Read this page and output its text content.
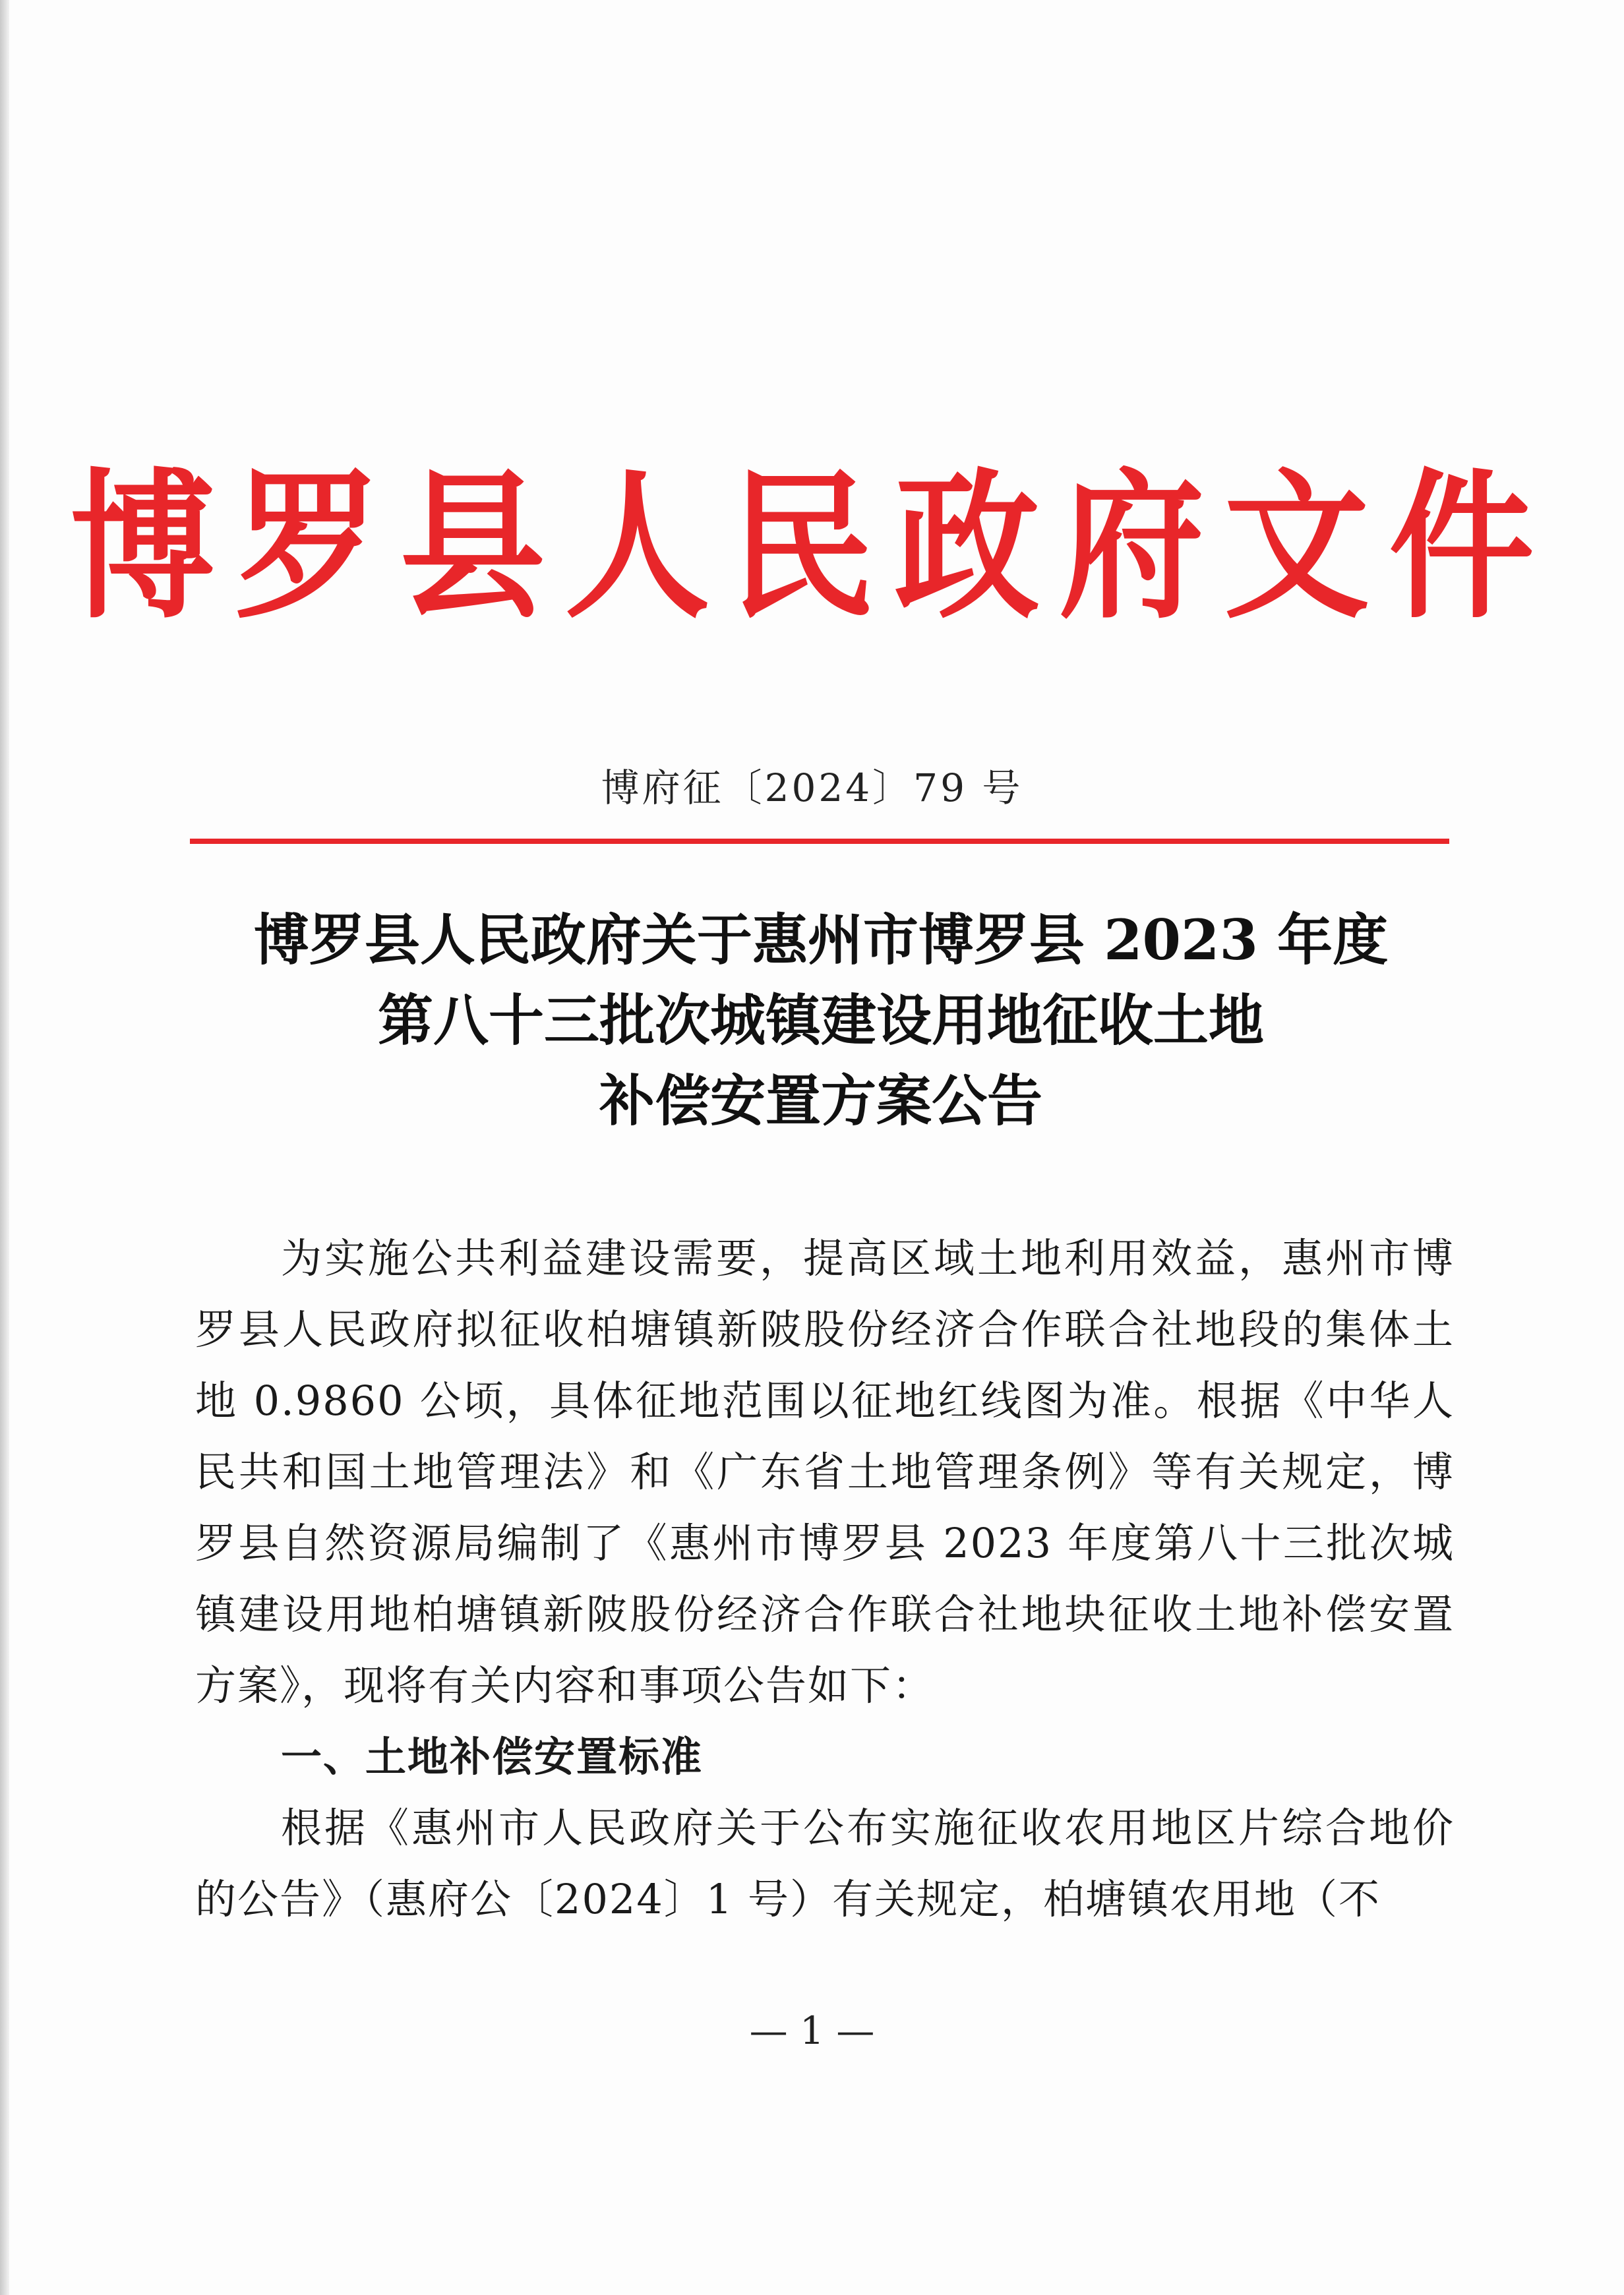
博罗县人民政府文件
博府征〔2024〕79 号
博罗县人民政府关于惠州市博罗县 2023 年度
第八十三批次城镇建设用地征收土地
补偿安置方案公告

为实施公共利益建设需要，提高区域土地利用效益，惠州市博罗县人民政府拟征收柏塘镇新陂股份经济合作联合社地段的集体土地 0.9860 公顷，具体征地范围以征地红线图为准。根据《中华人民共和国土地管理法》和《广东省土地管理条例》等有关规定，博罗县自然资源局编制了《惠州市博罗县 2023 年度第八十三批次城镇建设用地柏塘镇新陂股份经济合作联合社地块征收土地补偿安置方案》，现将有关内容和事项公告如下：

一、土地补偿安置标准

根据《惠州市人民政府关于公布实施征收农用地区片综合地价的公告》（惠府公〔2024〕1 号）有关规定，柏塘镇农用地（不

— 1 —
